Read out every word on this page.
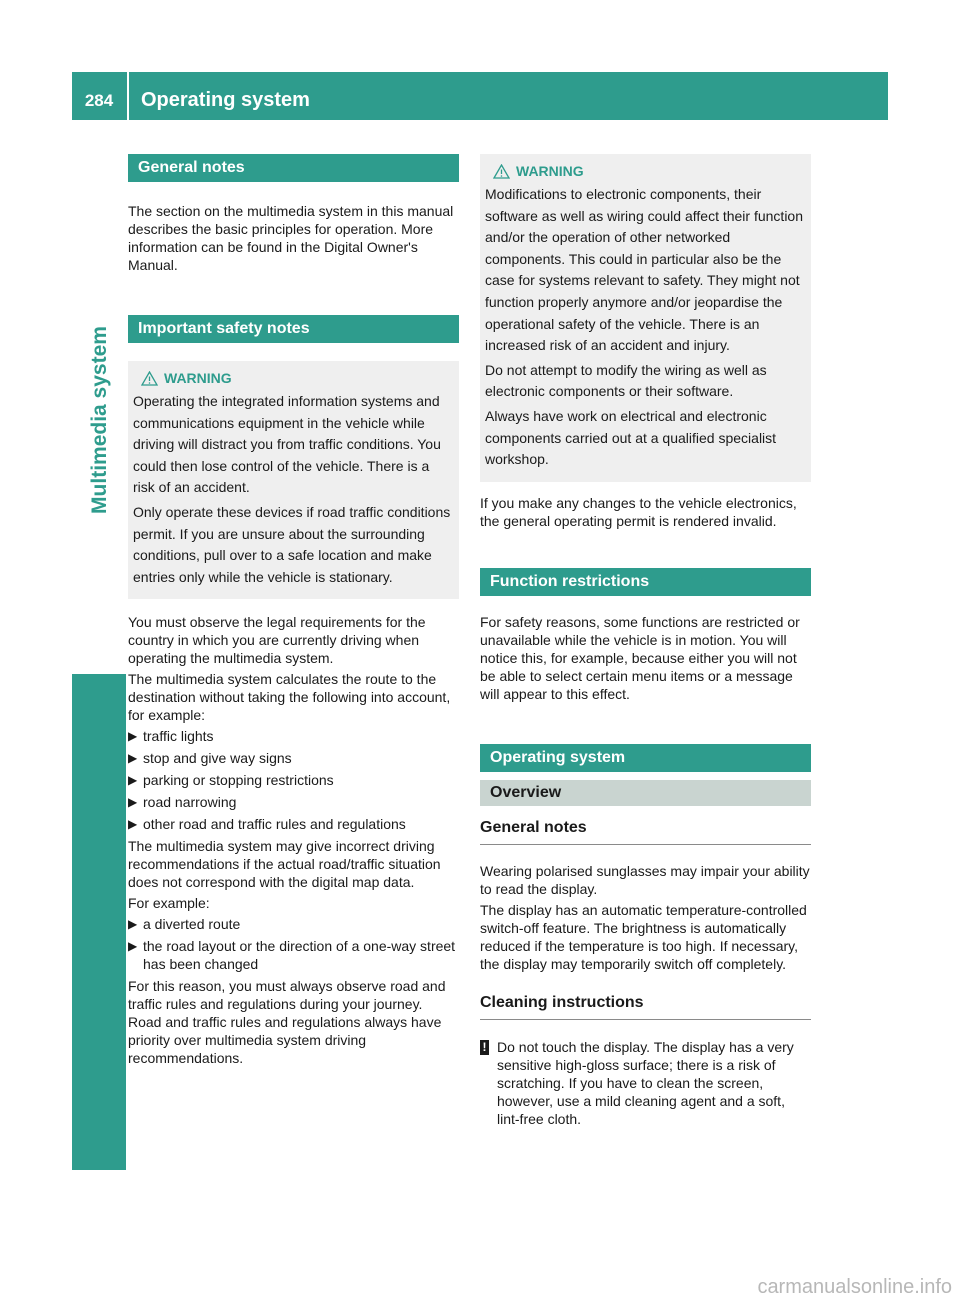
284	Operating system
Multimedia system
General notes

The section on the multimedia system in this manual describes the basic principles for operation. More information can be found in the Digital Owner's Manual.

Important safety notes
WARNING

Operating the integrated information systems and communications equipment in the vehicle while driving will distract you from traffic conditions. You could then lose control of the vehicle. There is a risk of an accident.

Only operate these devices if road traffic conditions permit. If you are unsure about the surrounding conditions, pull over to a safe location and make entries only while the vehicle is stationary.

You must observe the legal requirements for the country in which you are currently driving when operating the multimedia system.

The multimedia system calculates the route to the destination without taking the following into account, for example:

▶ traffic lights
▶ stop and give way signs
▶ parking or stopping restrictions
▶ road narrowing
▶ other road and traffic rules and regulations

The multimedia system may give incorrect driving recommendations if the actual road/traffic situation does not correspond with the digital map data.

For example:

▶ a diverted route
▶ the road layout or the direction of a one-way street has been changed

For this reason, you must always observe road and traffic rules and regulations during your journey. Road and traffic rules and regulations always have priority over multimedia system driving recommendations.

WARNING

Modifications to electronic components, their software as well as wiring could affect their function and/or the operation of other networked components. This could in particular also be the case for systems relevant to safety. They might not function properly anymore and/or jeopardise the operational safety of the vehicle. There is an increased risk of an accident and injury.

Do not attempt to modify the wiring as well as electronic components or their software.

Always have work on electrical and electronic components carried out at a qualified specialist workshop.

If you make any changes to the vehicle electronics, the general operating permit is rendered invalid.

Function restrictions

For safety reasons, some functions are restricted or unavailable while the vehicle is in motion. You will notice this, for example, because either you will not be able to select certain menu items or a message will appear to this effect.

Operating system
Overview
General notes

Wearing polarised sunglasses may impair your ability to read the display.

The display has an automatic temperature-controlled switch-off feature. The brightness is automatically reduced if the temperature is too high. If necessary, the display may temporarily switch off completely.

Cleaning instructions
! Do not touch the display. The display has a very sensitive high-gloss surface; there is a risk of scratching. If you have to clean the screen, however, use a mild cleaning agent and a soft, lint-free cloth.
carmanualsonline.info
